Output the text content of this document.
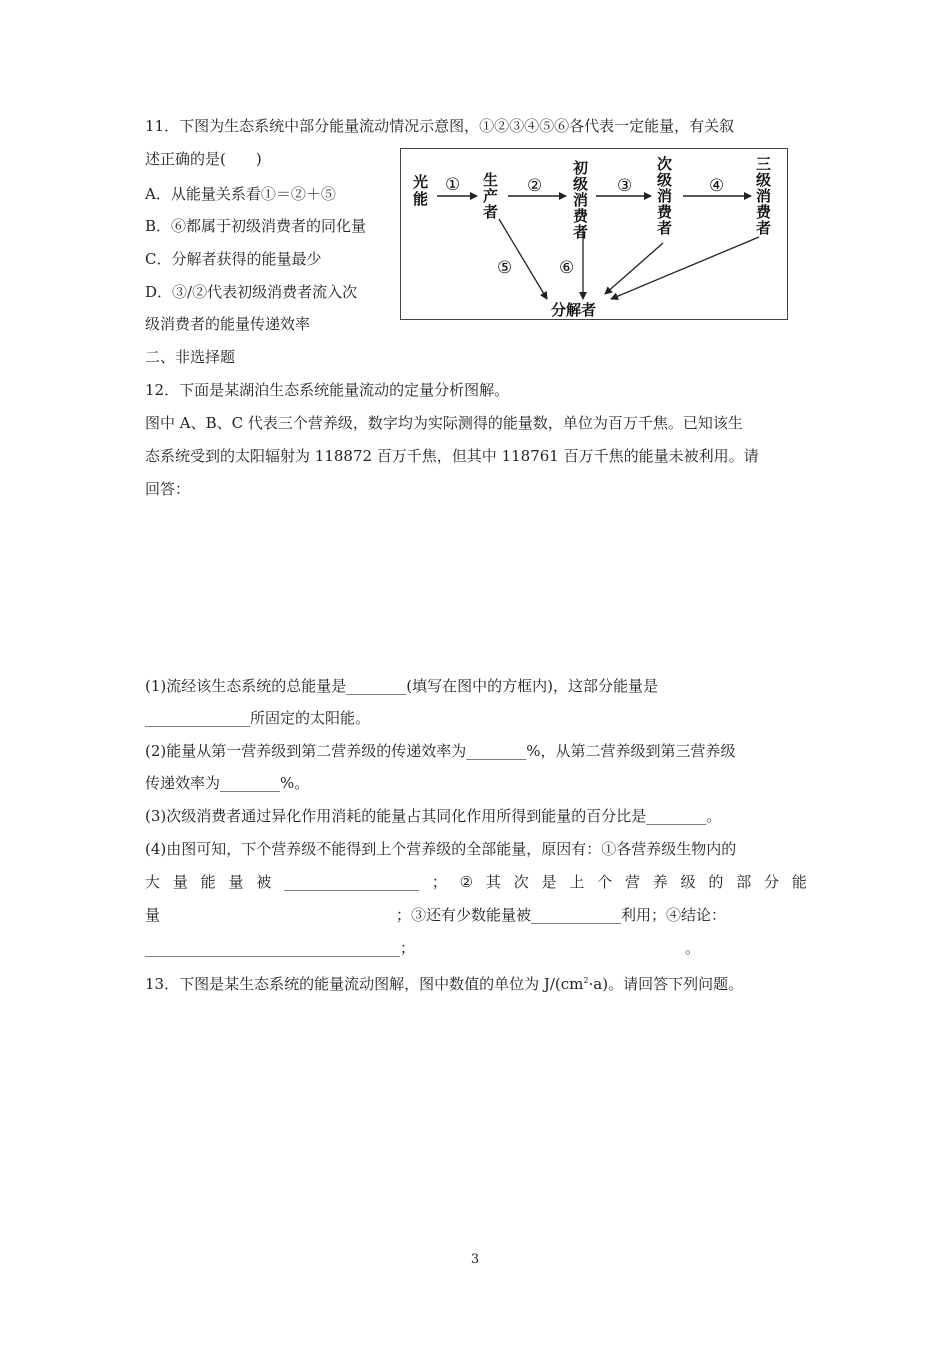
11．下图为生态系统中部分能量流动情况示意图，①②③④⑤⑥各代表一定能量，有关叙
述正确的是(　　)
A．从能量关系看①＝②＋⑤
B．⑥都属于初级消费者的同化量
C．分解者获得的能量最少
D．③/②代表初级消费者流入次
级消费者的能量传递效率
光能
生产者
初级消费者
次级消费者
三级消费者
分解者
①	②	③	④
⑤	⑥
二、非选择题
12．下面是某湖泊生态系统能量流动的定量分析图解。
图中 A、B、C 代表三个营养级，数字均为实际测得的能量数，单位为百万千焦。已知该生
态系统受到的太阳辐射为 118872 百万千焦，但其中 118761 百万千焦的能量未被利用。请
回答：
(1)流经该生态系统的总能量是________(填写在图中的方框内)，这部分能量是
______________所固定的太阳能。
(2)能量从第一营养级到第二营养级的传递效率为________%，从第二营养级到第三营养级
传递效率为________%。
(3)次级消费者通过异化作用消耗的能量占其同化作用所得到能量的百分比是________。
(4)由图可知，下个营养级不能得到上个营养级的全部能量，原因有：①各营养级生物内的
大 量 能 量 被 __________________ ； ② 其 次 是 上 个 营 养 级 的 部 分 能
量	；③还有少数能量被____________利用；④结论：
__________________________________；	。
13．下图是某生态系统的能量流动图解，图中数值的单位为 $J/(cm^2\cdot a)$。请回答下列问题。
3
